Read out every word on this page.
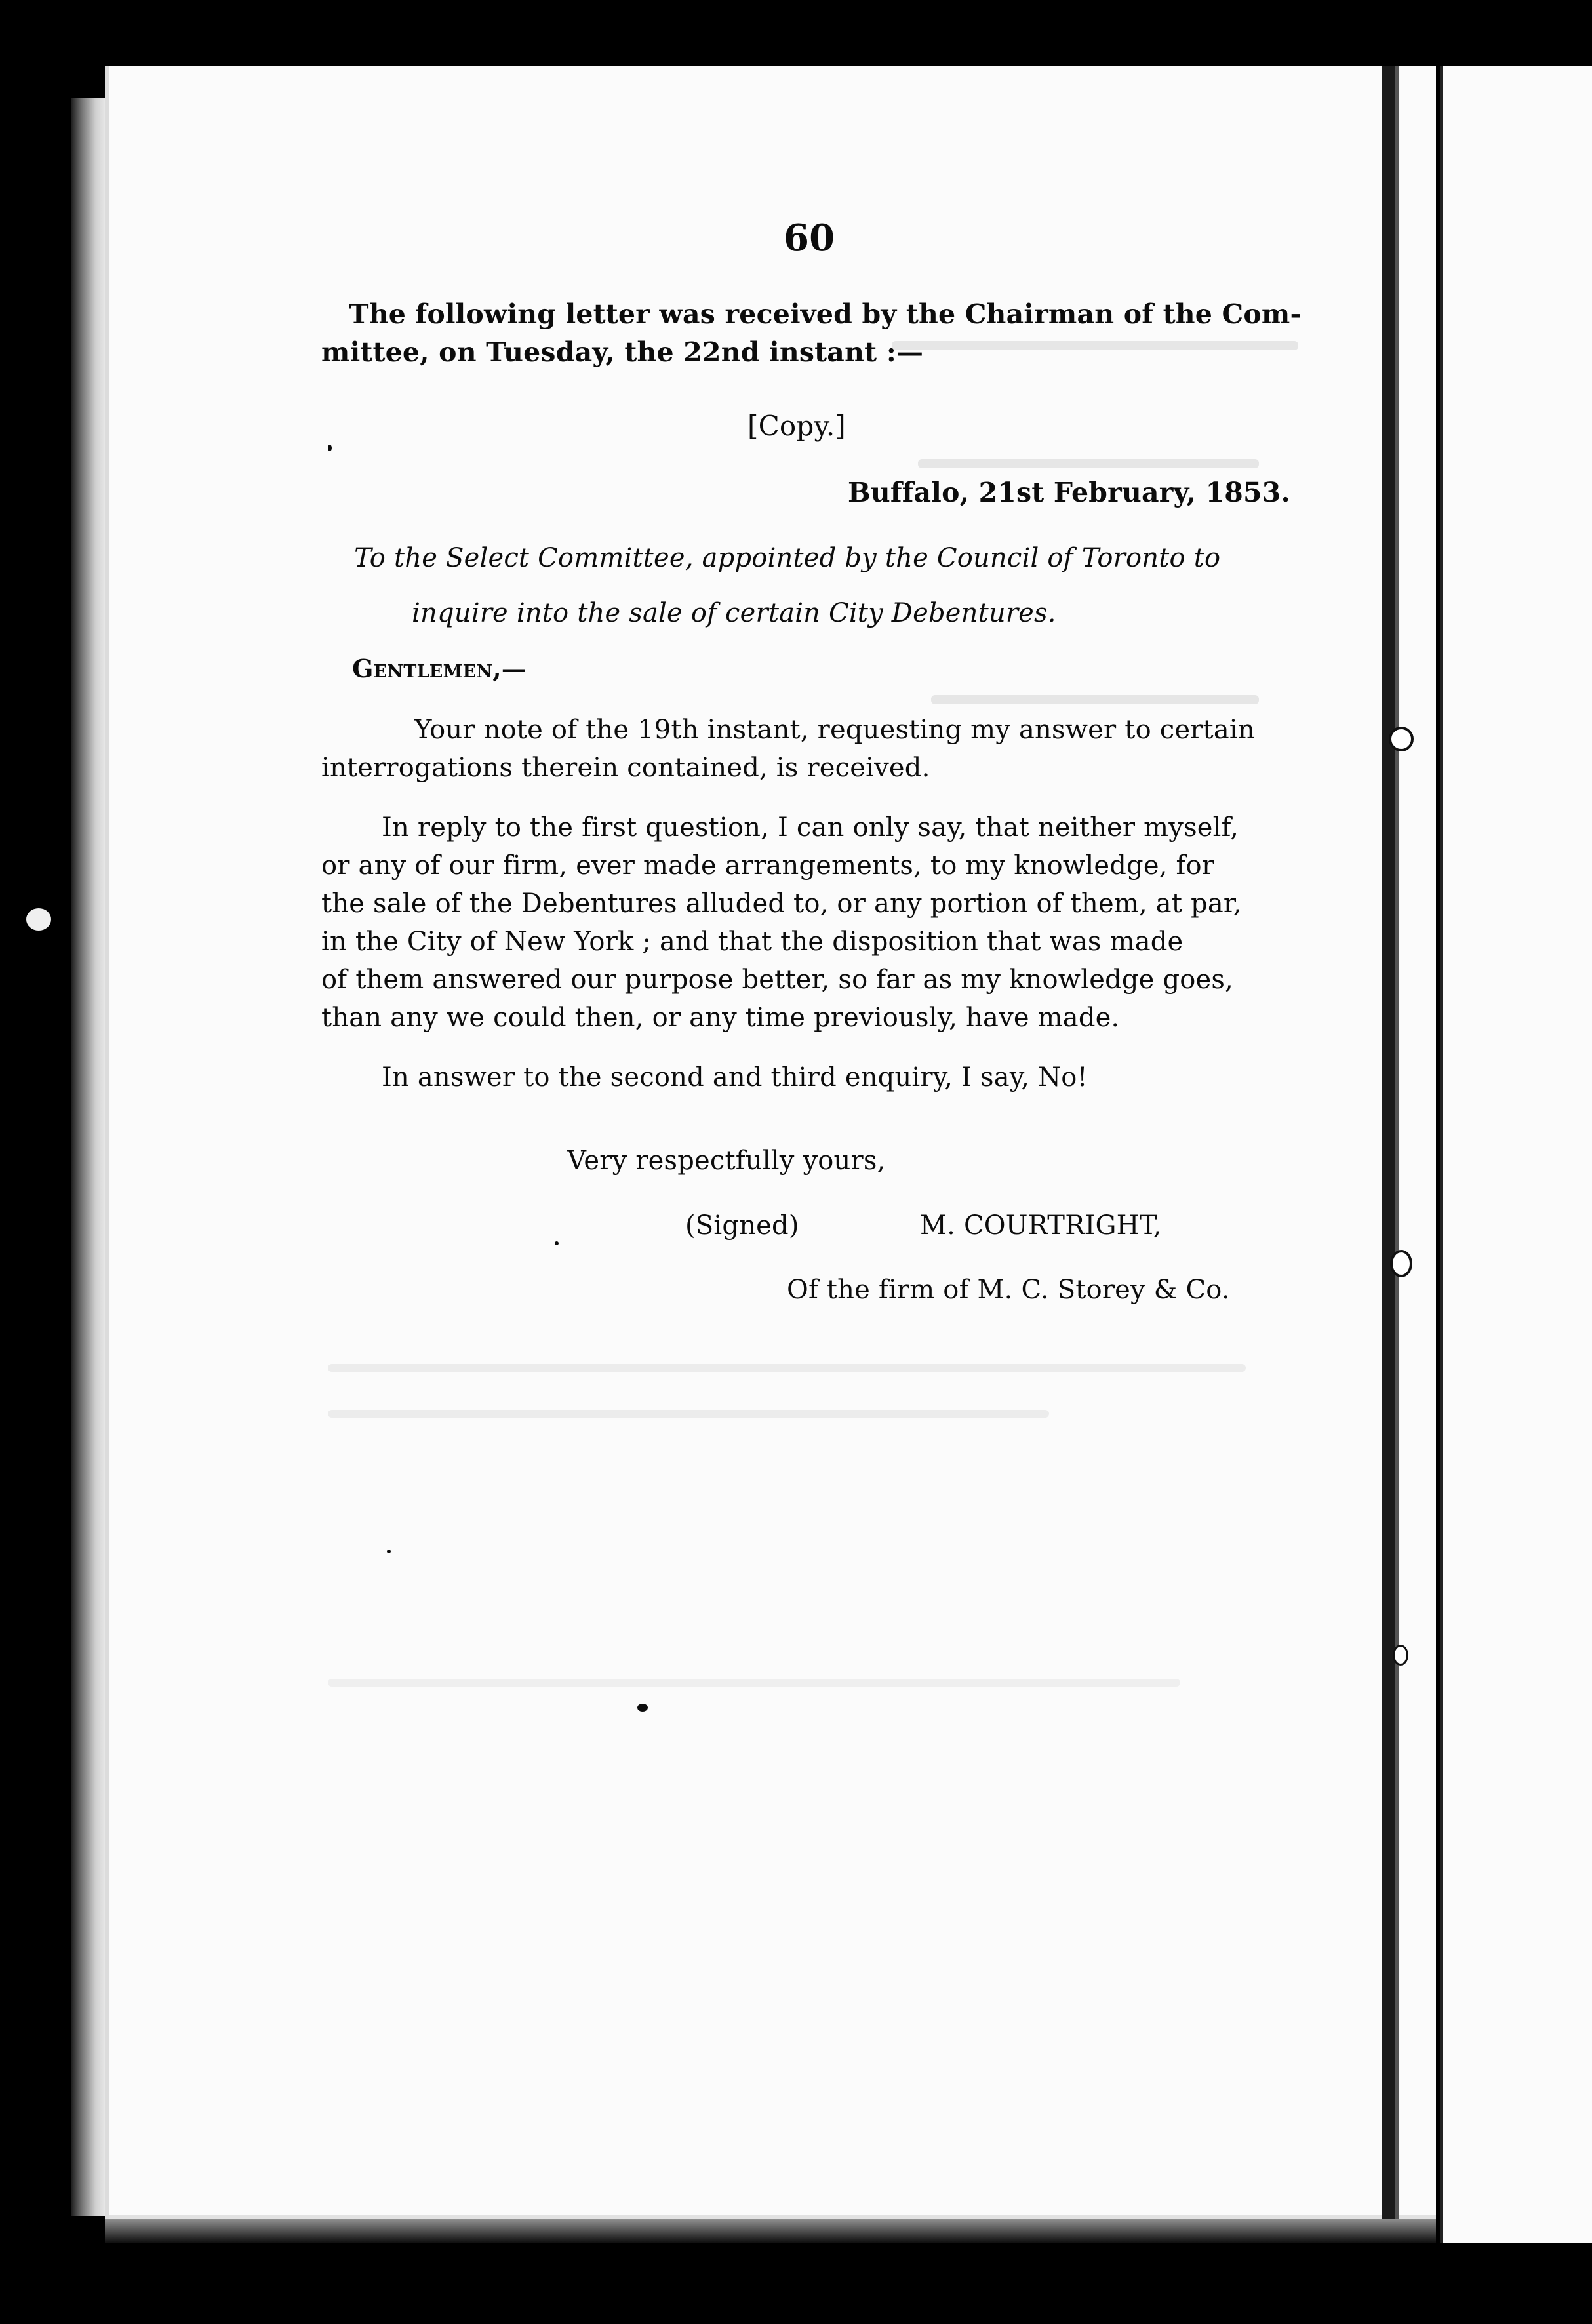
60
The following letter was received by the Chairman of the Com-
mittee, on Tuesday, the 22nd instant :—
[Copy.]
Buffalo, 21st February, 1853.
To the Select Committee, appointed by the Council of Toronto to
inquire into the sale of certain City Debentures.
Gentlemen,—
Your note of the 19th instant, requesting my answer to certain
interrogations therein contained, is received.
In reply to the first question, I can only say, that neither myself,
or any of our firm, ever made arrangements, to my knowledge, for
the sale of the Debentures alluded to, or any portion of them, at par,
in the City of New York ; and that the disposition that was made
of them answered our purpose better, so far as my knowledge goes,
than any we could then, or any time previously, have made.
In answer to the second and third enquiry, I say, No!
Very respectfully yours,
(Signed)	M. COURTRIGHT,
Of the firm of M. C. Storey & Co.
